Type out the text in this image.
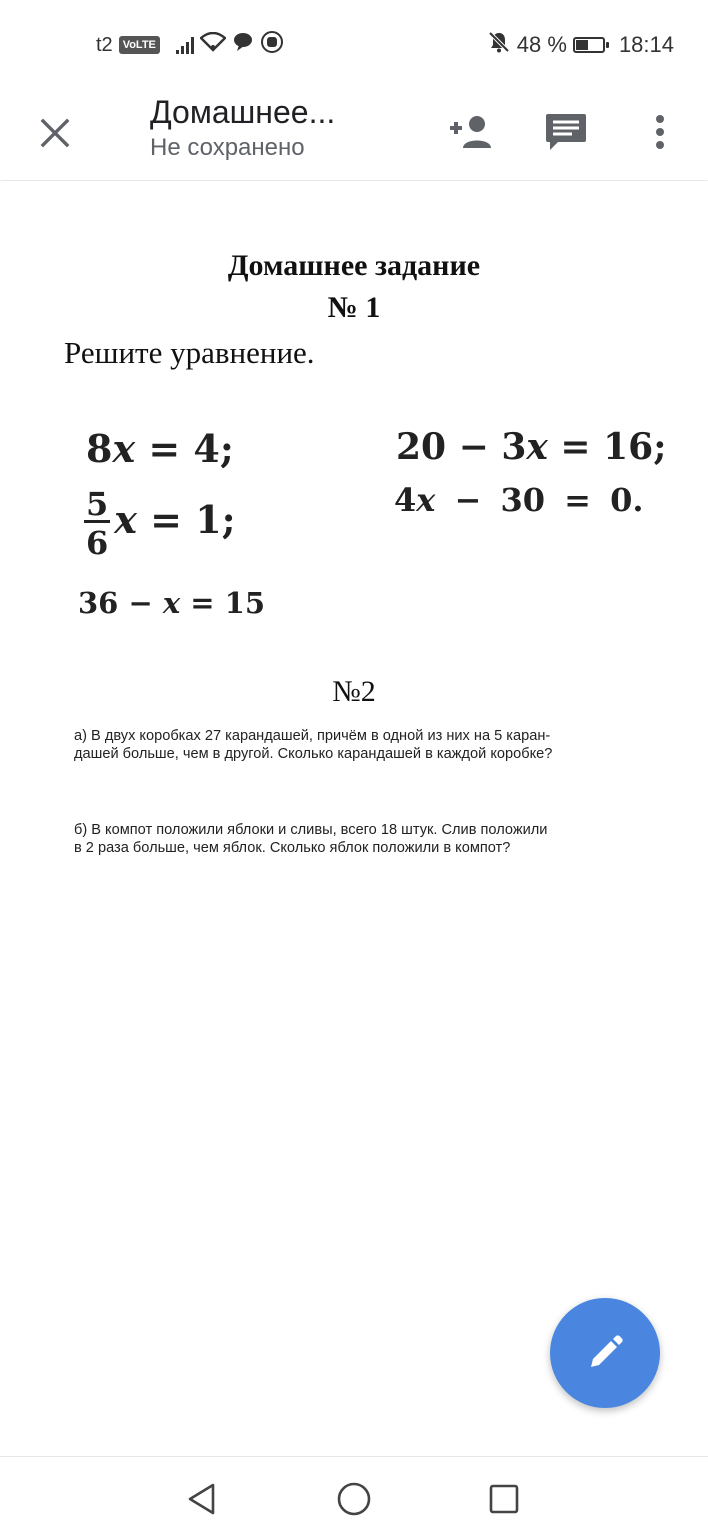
t2 VoLTE	48 % 18:14
Домашнее...
Не сохранено
Домашнее задание
№ 1
Решите уравнение.
8x = 4;
$\frac{5}{6}$ x = 1;
36 − x = 15
20 − 3x = 16;
4x − 30 = 0.
№2
а) В двух коробках 27 карандашей, причём в одной из них на 5 каран-
дашей больше, чем в другой. Сколько карандашей в каждой коробке?
б) В компот положили яблоки и сливы, всего 18 штук. Слив положили
в 2 раза больше, чем яблок. Сколько яблок положили в компот?
